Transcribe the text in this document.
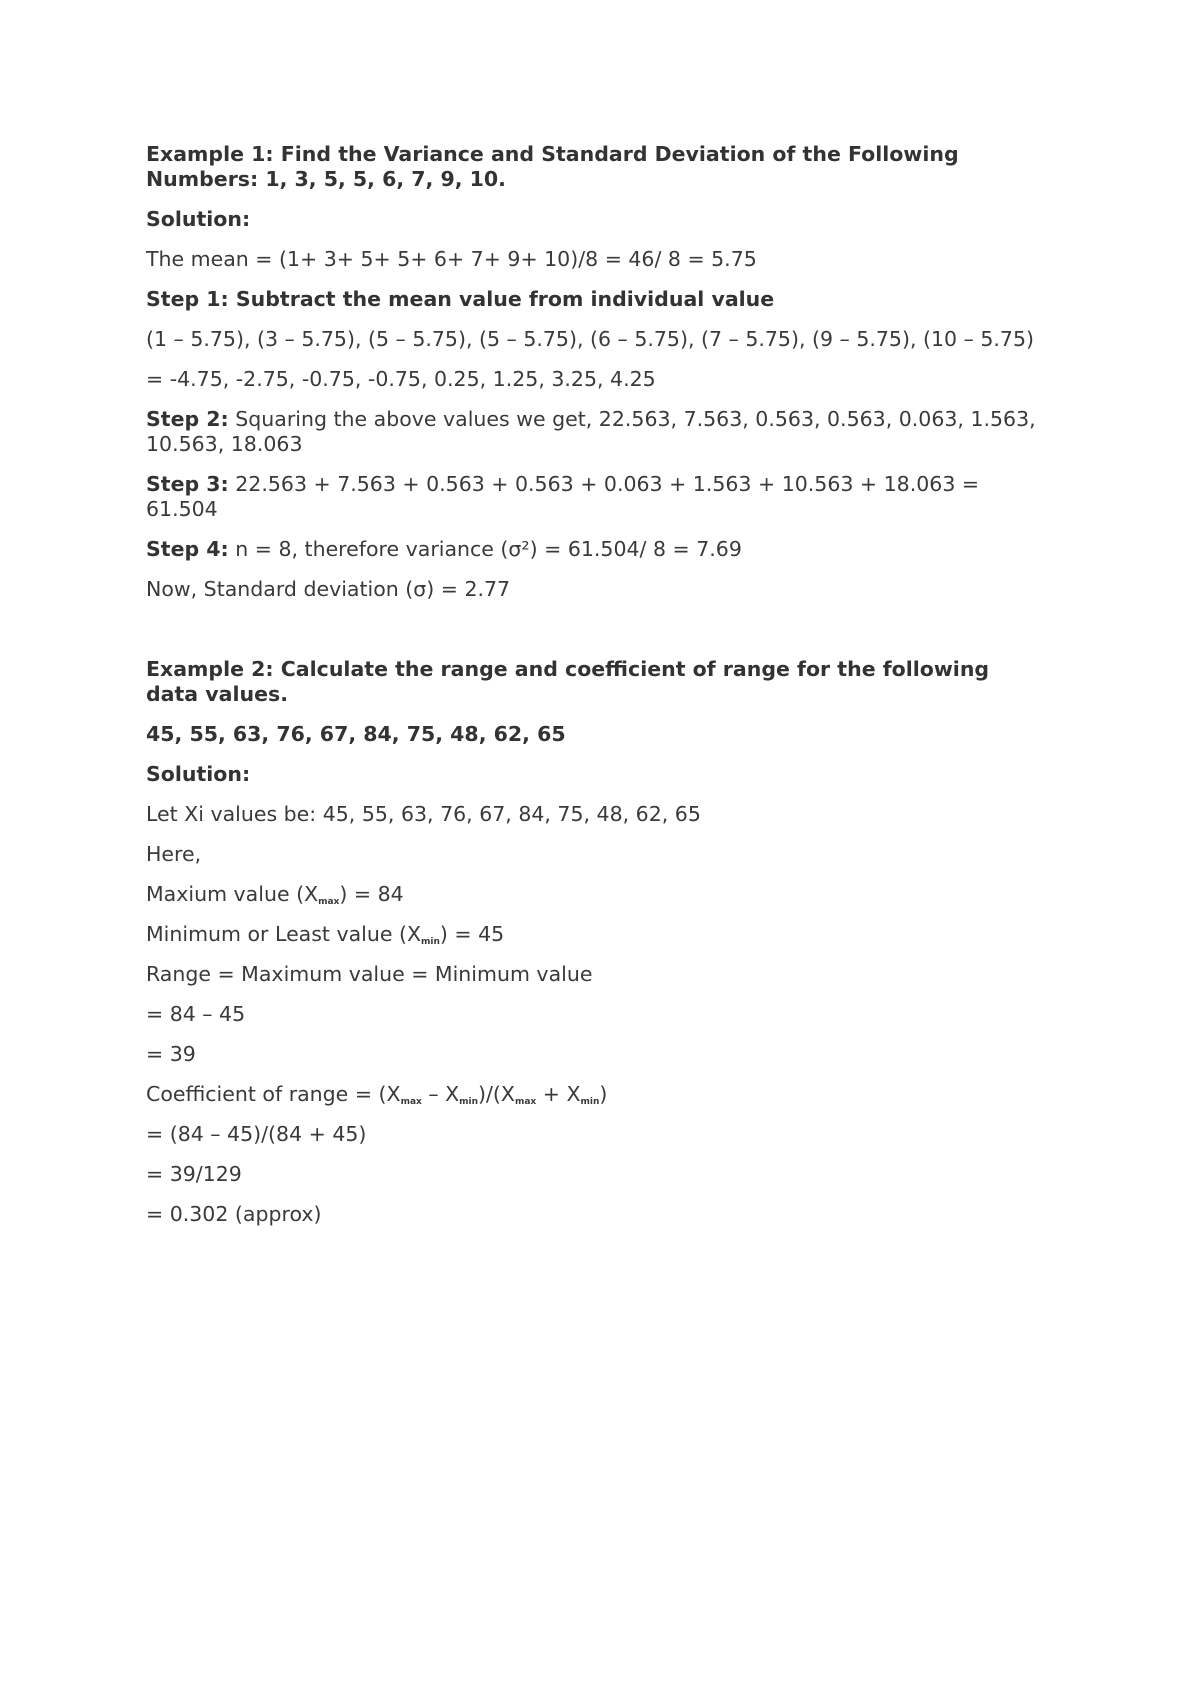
Example 1: Find the Variance and Standard Deviation of the Following Numbers: 1, 3, 5, 5, 6, 7, 9, 10.
Solution:
The mean = (1+ 3+ 5+ 5+ 6+ 7+ 9+ 10)/8 = 46/ 8 = 5.75
Step 1: Subtract the mean value from individual value
(1 – 5.75), (3 – 5.75), (5 – 5.75), (5 – 5.75), (6 – 5.75), (7 – 5.75), (9 – 5.75), (10 – 5.75)
= -4.75, -2.75, -0.75, -0.75, 0.25, 1.25, 3.25, 4.25
Step 2: Squaring the above values we get, 22.563, 7.563, 0.563, 0.563, 0.063, 1.563, 10.563, 18.063
Step 3: 22.563 + 7.563 + 0.563 + 0.563 + 0.063 + 1.563 + 10.563 + 18.063 = 61.504
Step 4: n = 8, therefore variance (σ²) = 61.504/ 8 = 7.69
Now, Standard deviation (σ) = 2.77
Example 2: Calculate the range and coefficient of range for the following data values.
45, 55, 63, 76, 67, 84, 75, 48, 62, 65
Solution:
Let Xi values be: 45, 55, 63, 76, 67, 84, 75, 48, 62, 65
Here,
Maxium value $(X_{max}) = 84$
Minimum or Least value $(X_{min}) = 45$
Range = Maximum value = Minimum value
= 84 – 45
= 39
Coefficient of range = $(X_{max} - X_{min})/(X_{max} + X_{min})$
= (84 – 45)/(84 + 45)
= 39/129
= 0.302 (approx)
